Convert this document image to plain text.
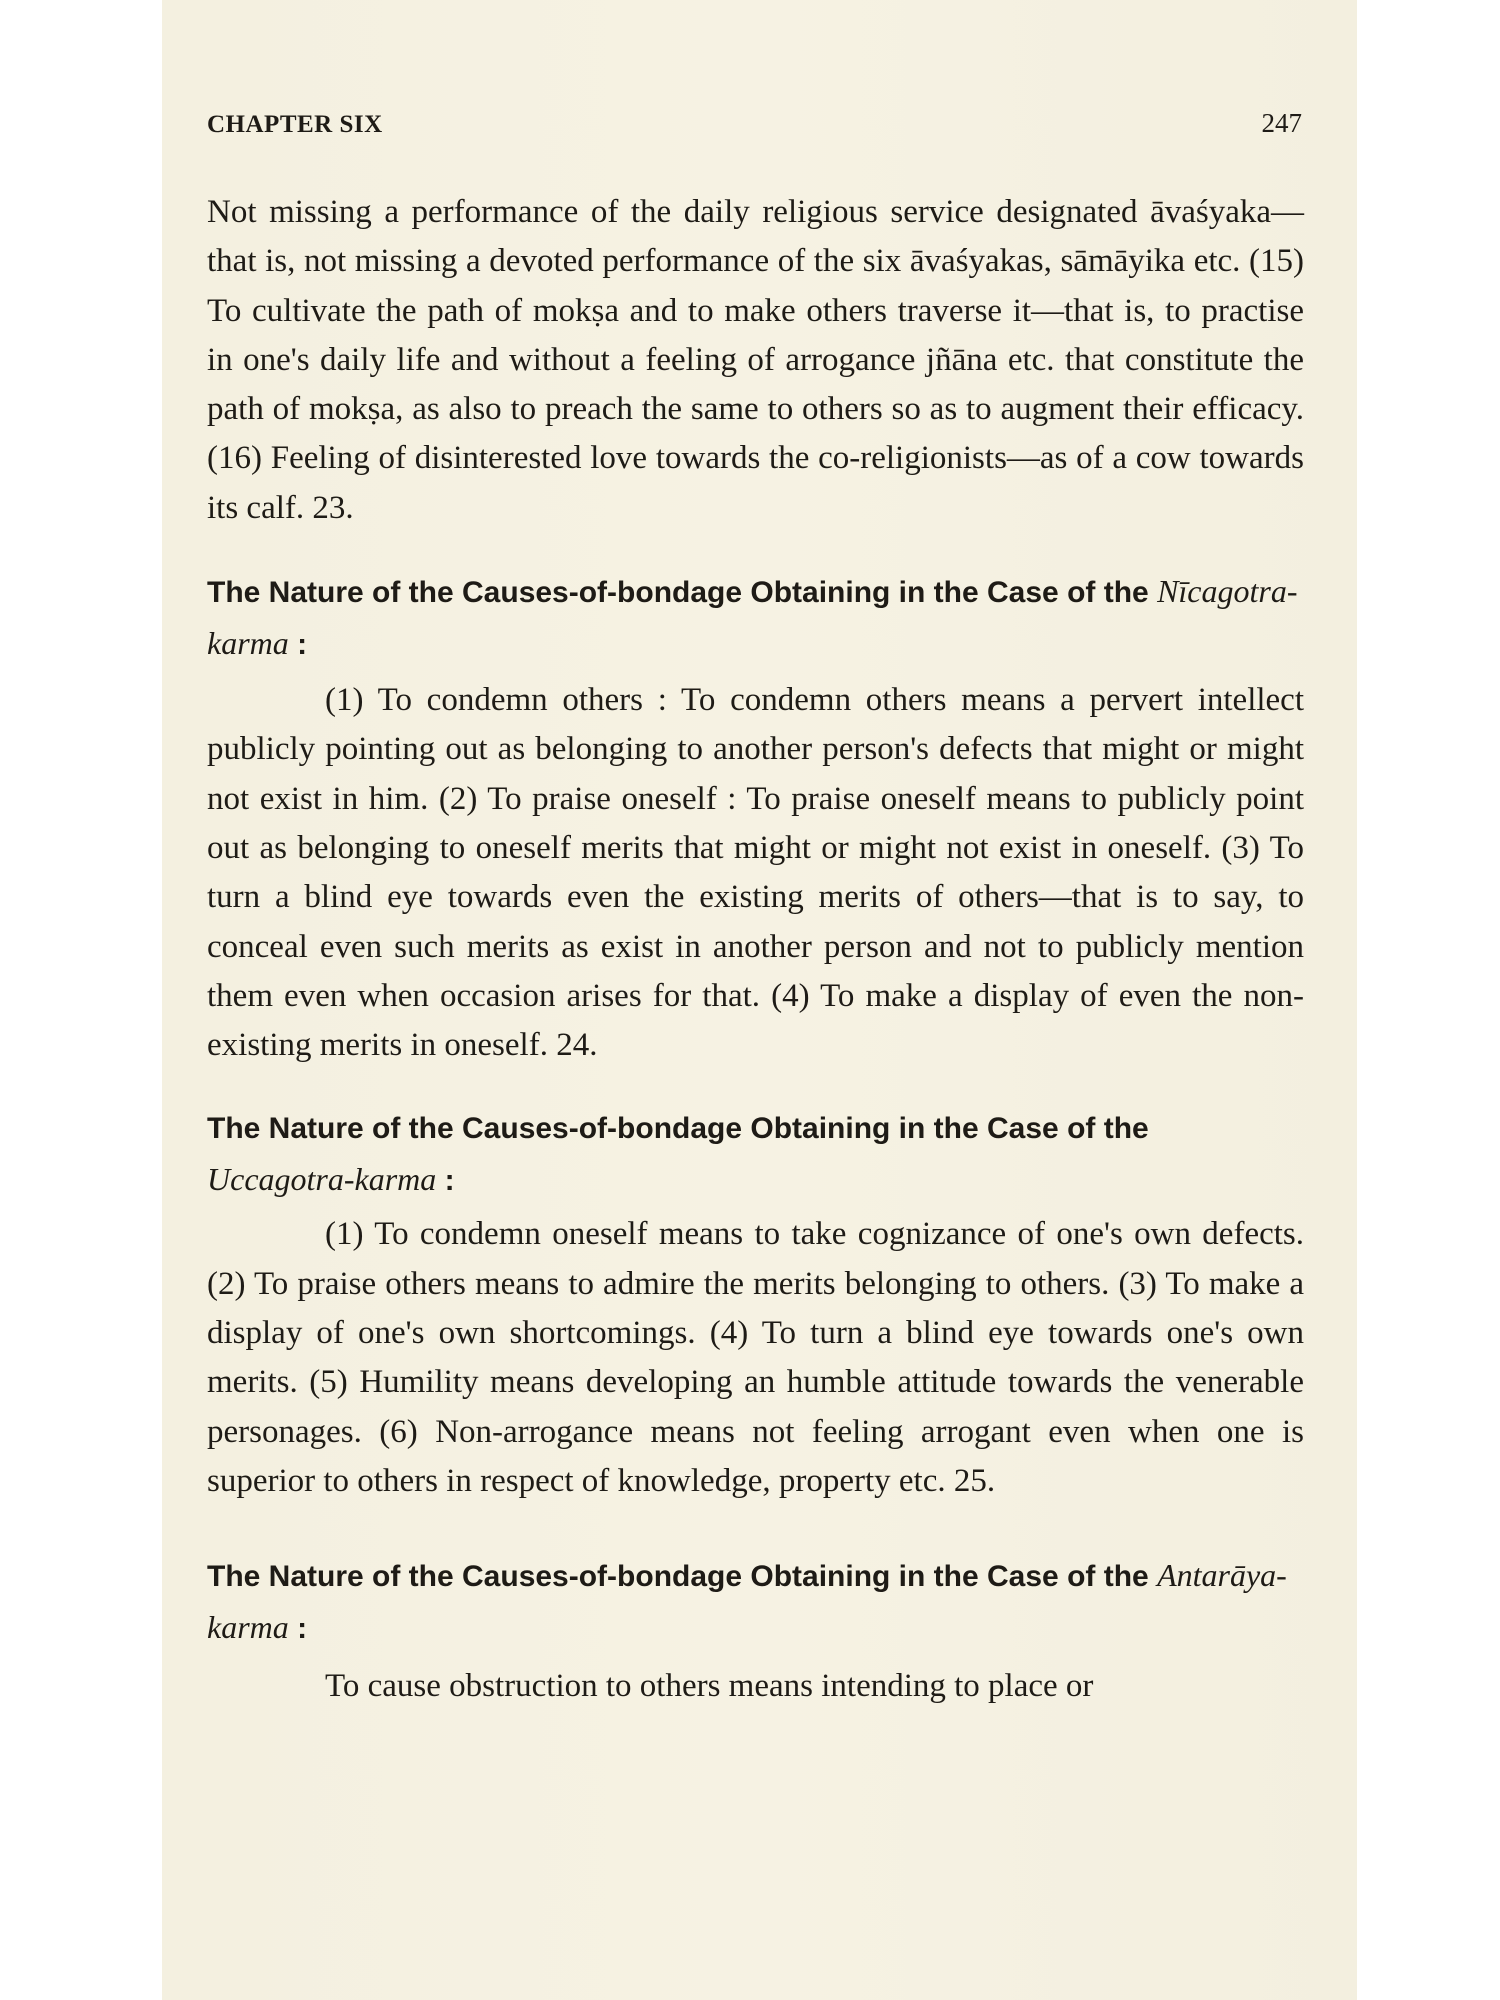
CHAPTER SIX	247

Not missing a performance of the daily religious service designated āvaśyaka—that is, not missing a devoted performance of the six āvaśyakas, sāmāyika etc. (15) To cultivate the path of mokṣa and to make others traverse it—that is, to practise in one's daily life and without a feeling of arrogance jñāna etc. that constitute the path of mokṣa, as also to preach the same to others so as to augment their efficacy. (16) Feeling of disinterested love towards the co-religionists—as of a cow towards its calf. 23.

The Nature of the Causes-of-bondage Obtaining in the Case of the Nīcagotra-karma :

(1) To condemn others : To condemn others means a pervert intellect publicly pointing out as belonging to another person's defects that might or might not exist in him. (2) To praise oneself : To praise oneself means to publicly point out as belonging to oneself merits that might or might not exist in oneself. (3) To turn a blind eye towards even the existing merits of others—that is to say, to conceal even such merits as exist in another person and not to publicly mention them even when occasion arises for that. (4) To make a display of even the non-existing merits in oneself. 24.

The Nature of the Causes-of-bondage Obtaining in the Case of the Uccagotra-karma :

(1) To condemn oneself means to take cognizance of one's own defects. (2) To praise others means to admire the merits belonging to others. (3) To make a display of one's own shortcomings. (4) To turn a blind eye towards one's own merits. (5) Humility means developing an humble attitude towards the venerable personages. (6) Non-arrogance means not feeling arrogant even when one is superior to others in respect of knowledge, property etc. 25.

The Nature of the Causes-of-bondage Obtaining in the Case of the Antarāya-karma :

To cause obstruction to others means intending to place or
